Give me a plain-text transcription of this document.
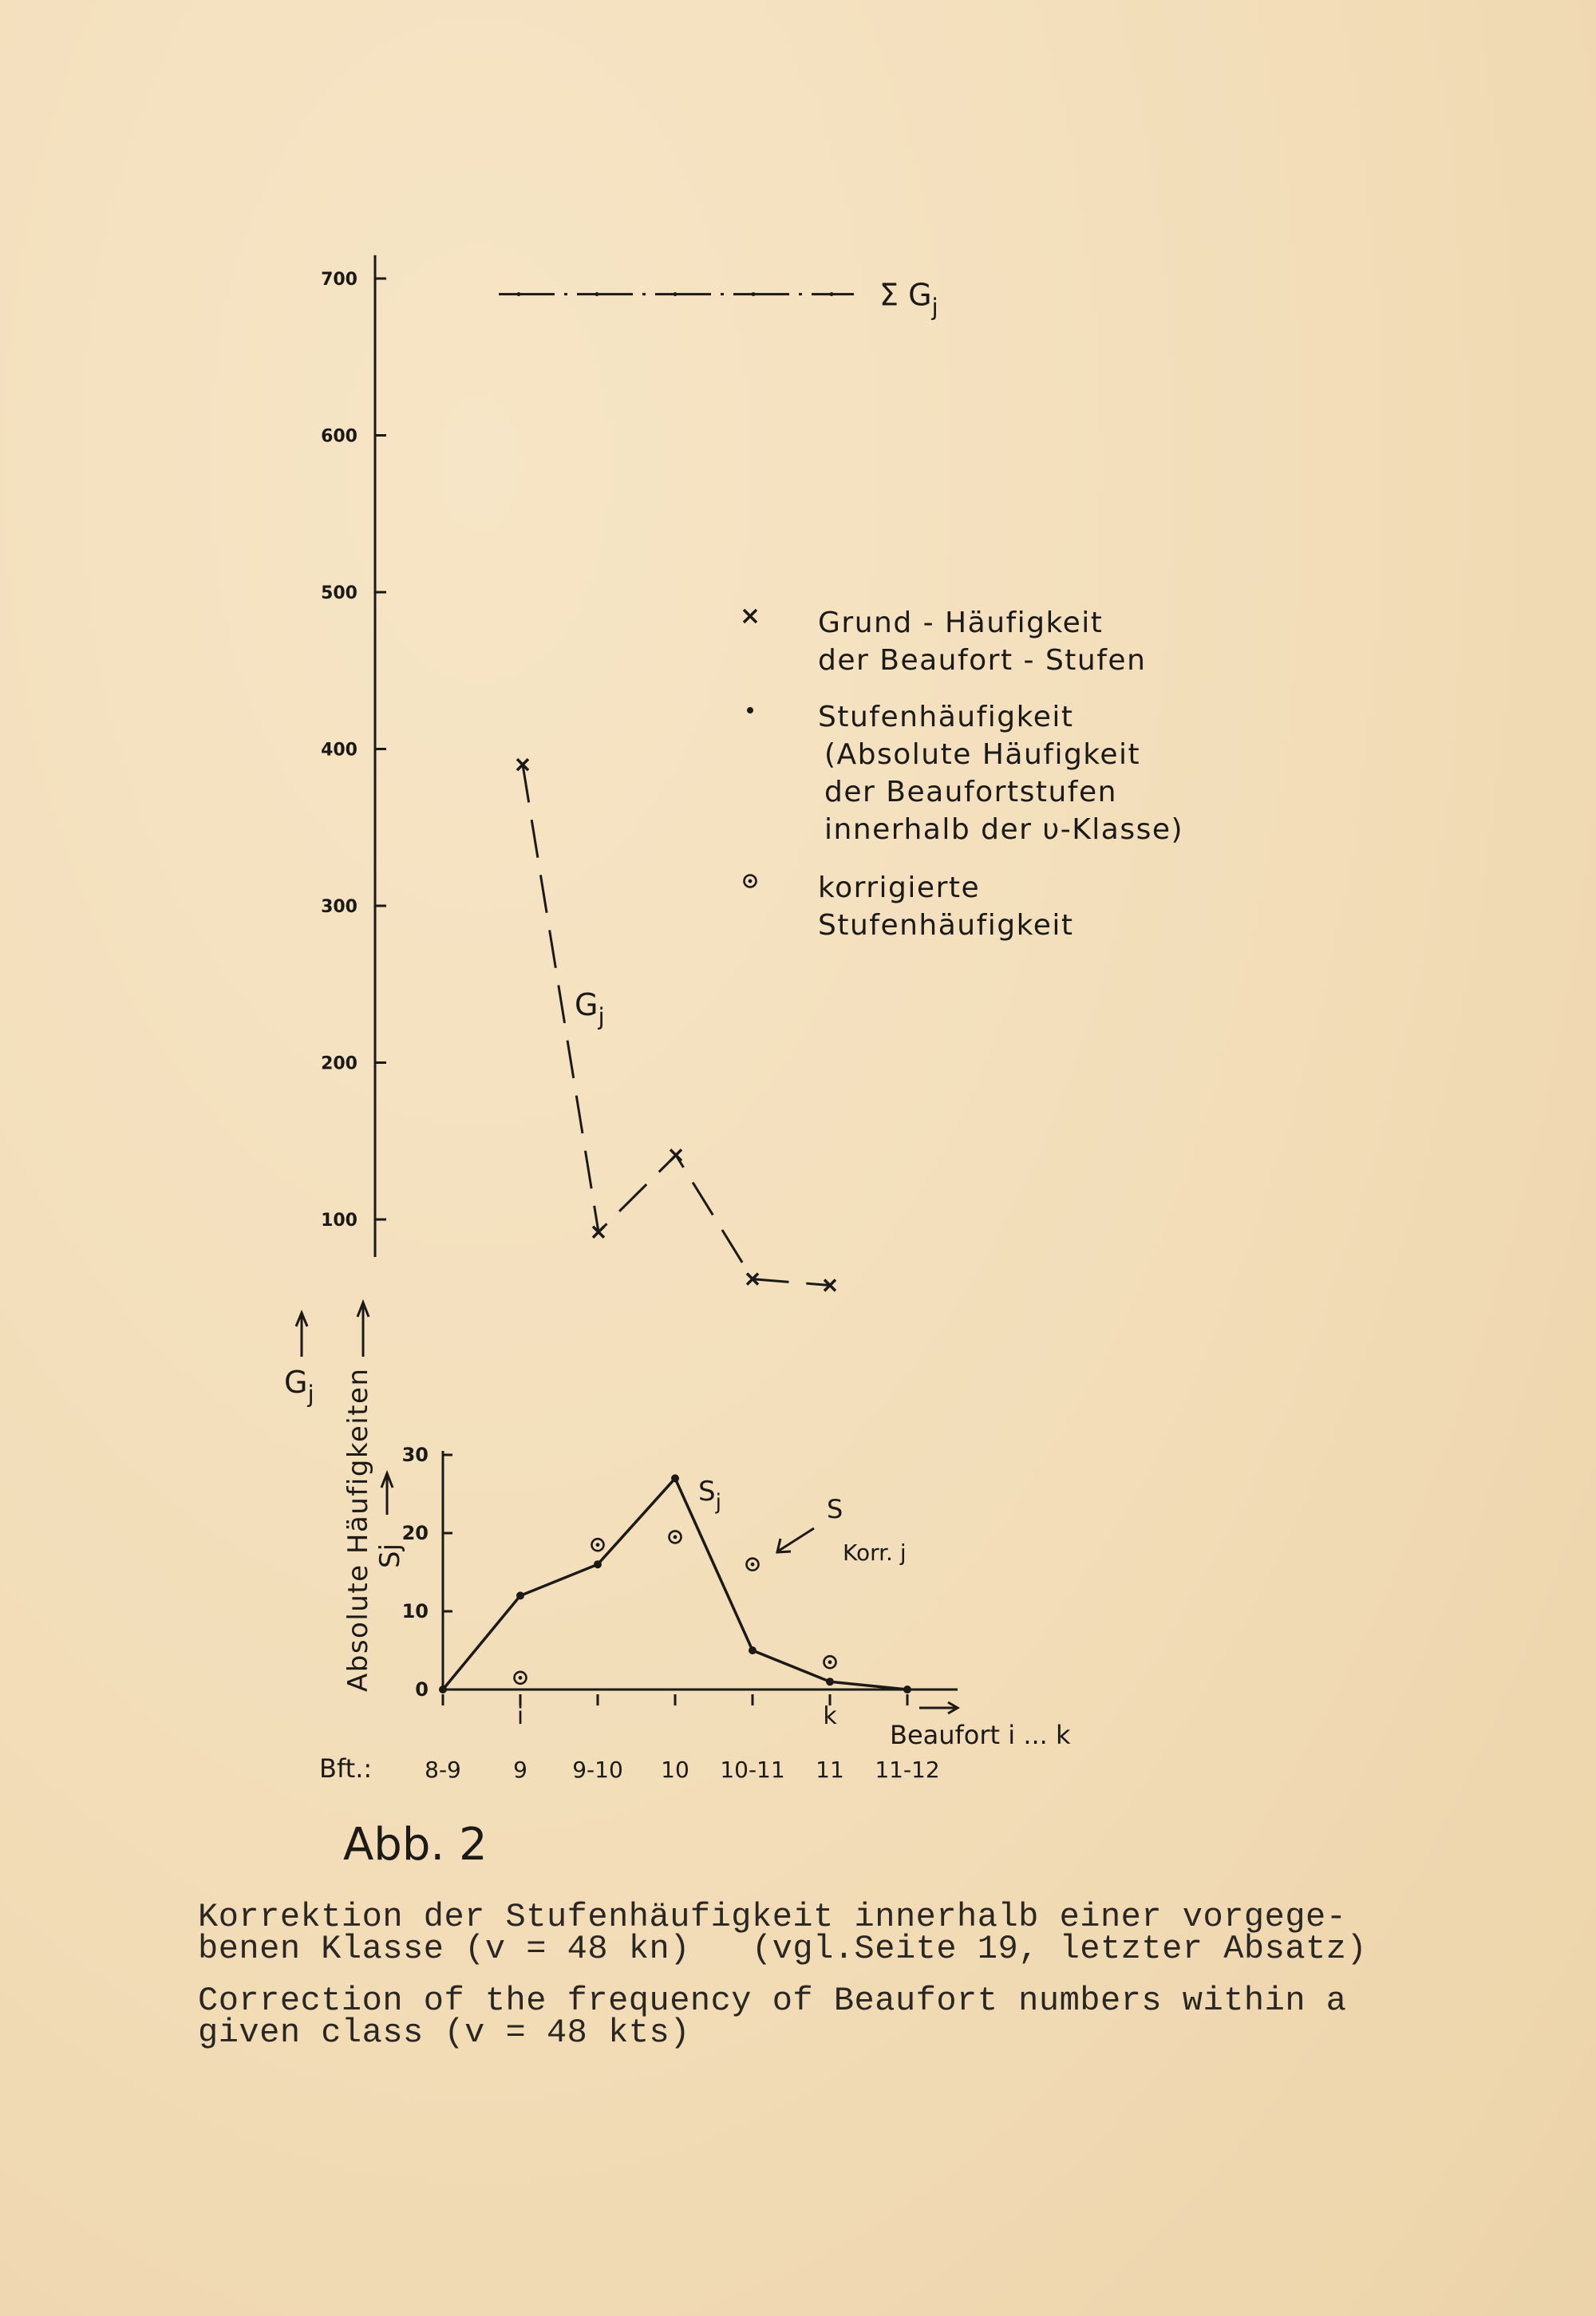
700
600
500
400
300
200
100
Σ $G_j$
$G_j$
Grund - Häufigkeit
der Beaufort - Stufen
Stufenhäufigkeit
(Absolute Häufigkeit
der Beaufortstufen
innerhalb der υ-Klasse)
korrigierte
Stufenhäufigkeit
$G_j$ Absolute Häufigkeiten Sj
30
20
10
0
8-9 9 9-10 10 10-11 11 11-12
i	k
Beaufort i ... k
Bft.:
$S_j$	S
Korr. j
Abb. 2
Korrektion der Stufenhäufigkeit innerhalb einer vorgege-
benen Klasse (v = 48 kn)   (vgl.Seite 19, letzter Absatz)
Correction of the frequency of Beaufort numbers within a
given class (v = 48 kts)
